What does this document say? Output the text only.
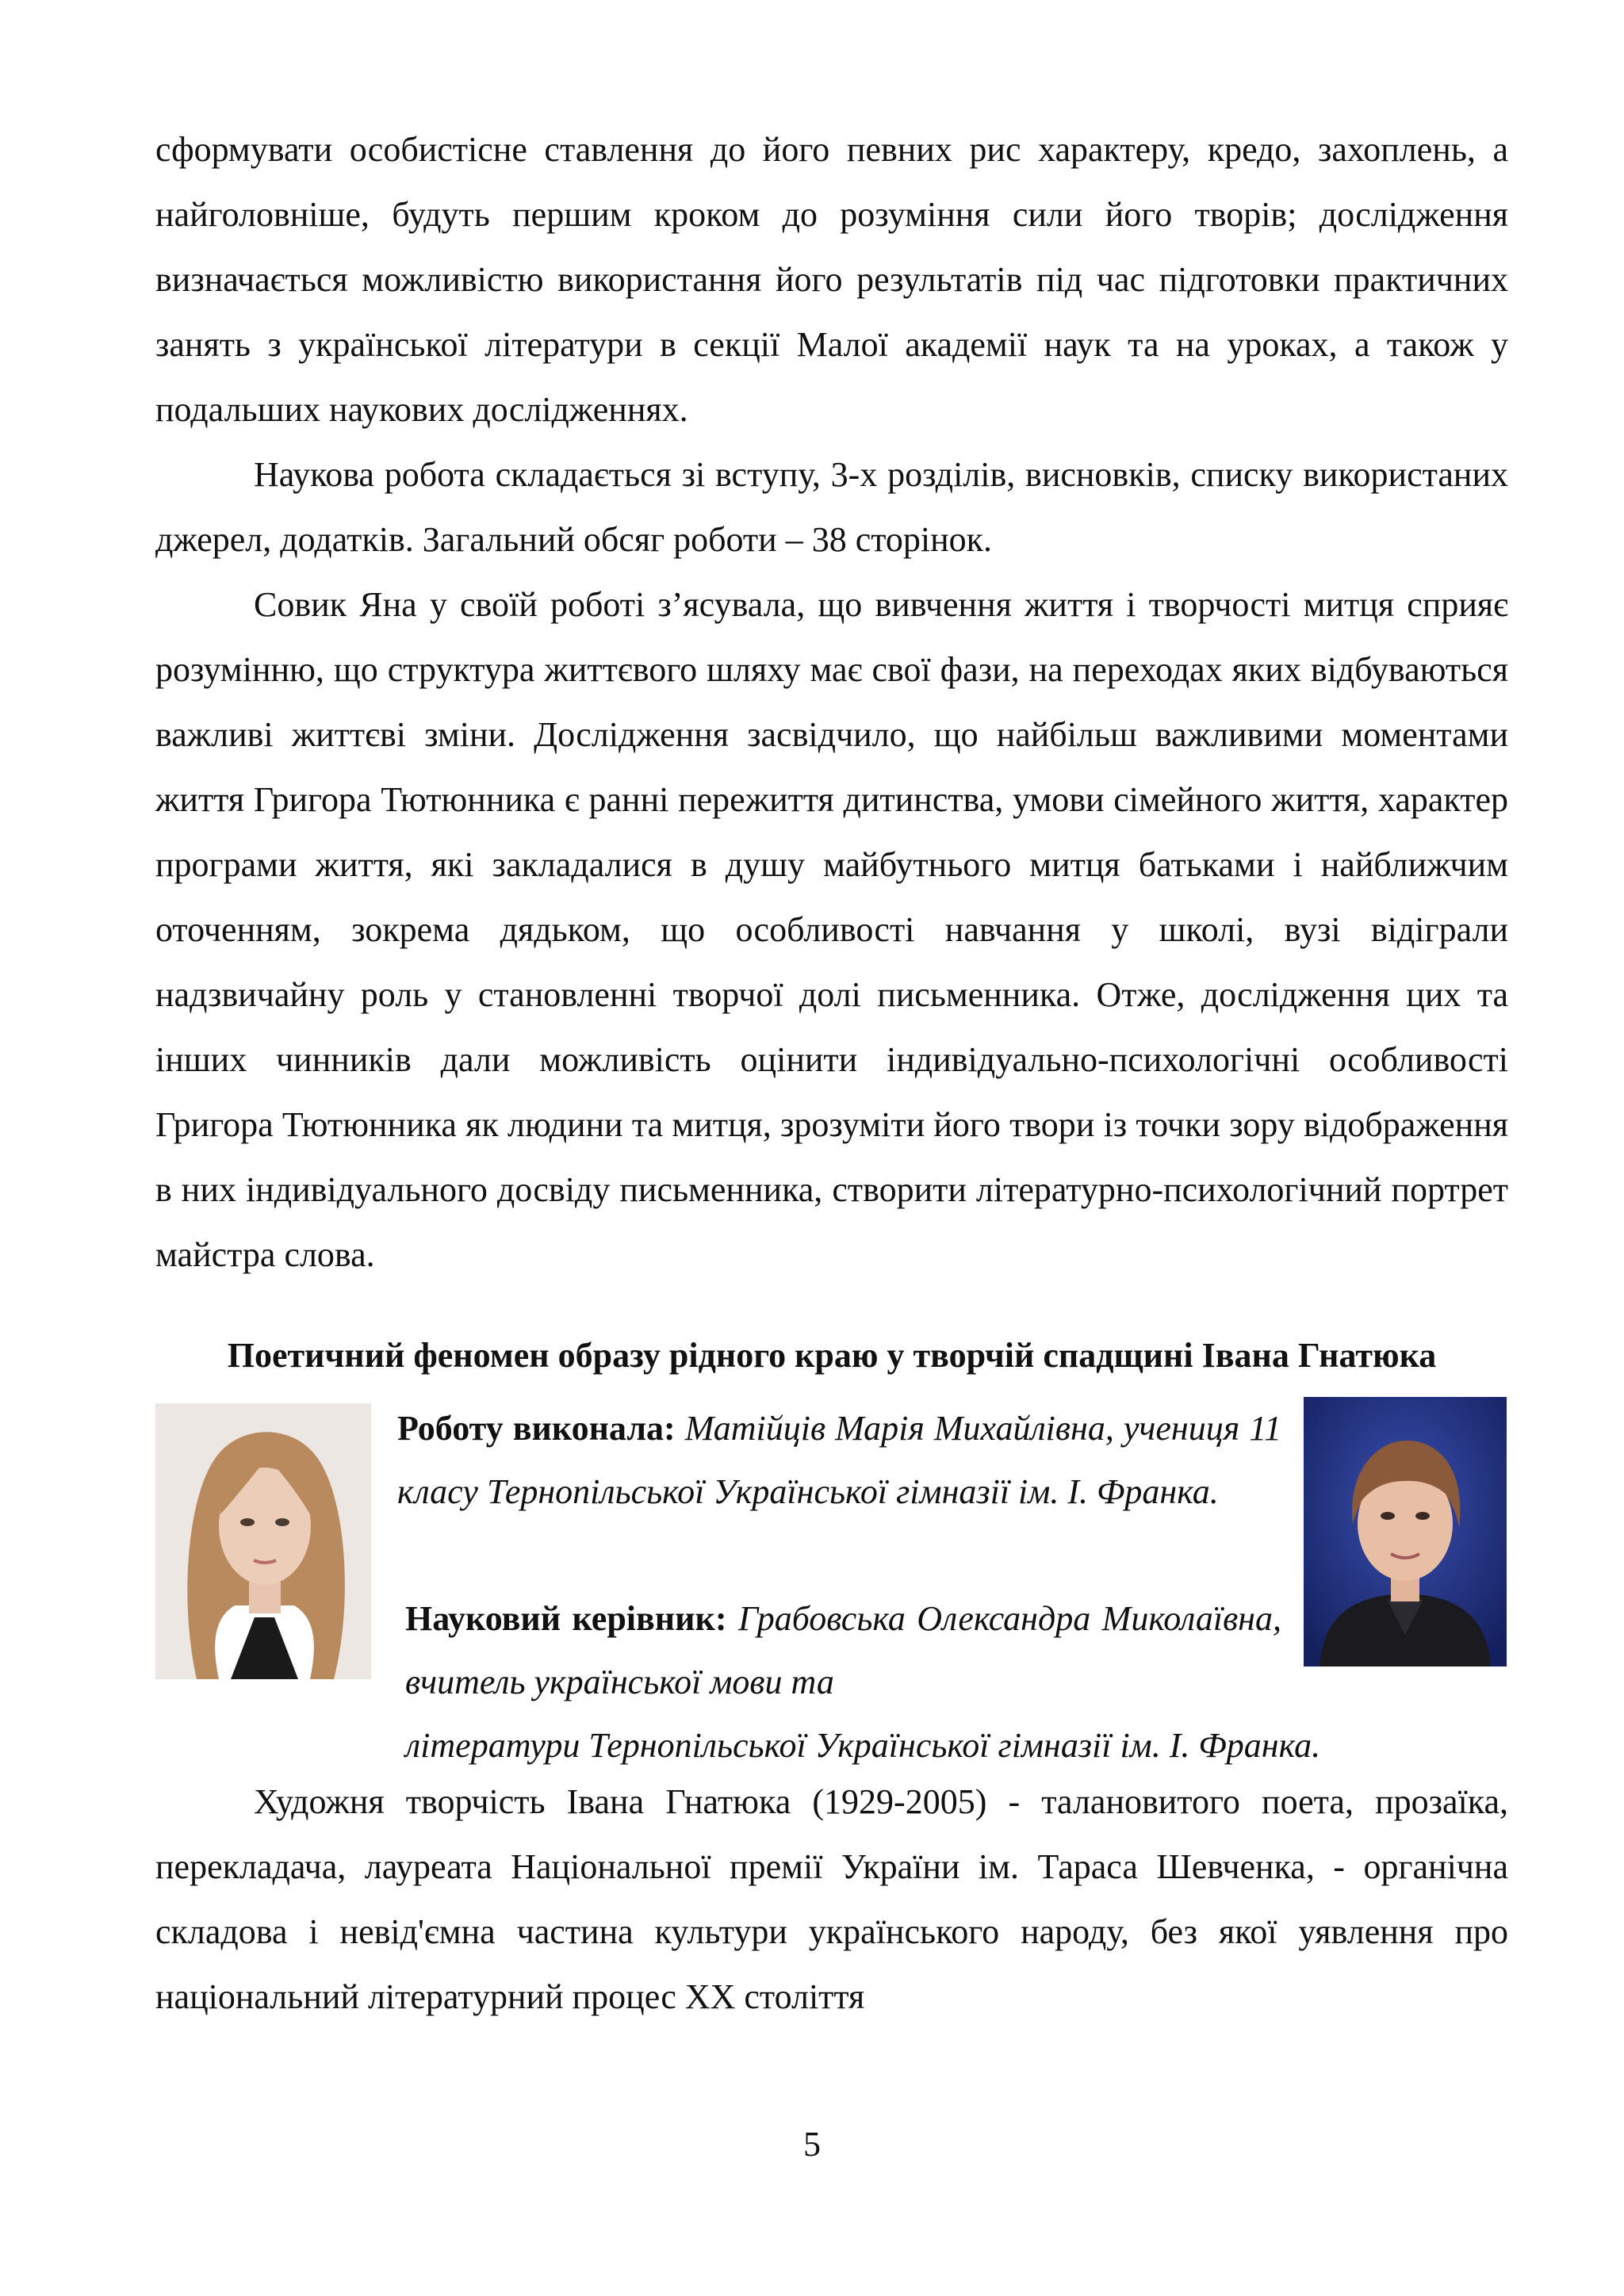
сформувати особистісне ставлення до його певних рис характеру, кредо, захоплень, а найголовніше, будуть першим кроком до розуміння сили його творів; дослідження визначається можливістю використання його результатів під час підготовки практичних занять з української літератури в секції Малої академії наук та на уроках, а також у подальших наукових дослідженнях.

Наукова робота складається зі вступу, 3-х розділів, висновків, списку використаних джерел, додатків. Загальний обсяг роботи – 38 сторінок.

Совик Яна у своїй роботі з’ясувала, що вивчення життя і творчості митця сприяє розумінню, що структура життєвого шляху має свої фази, на переходах яких відбуваються важливі життєві зміни. Дослідження засвідчило, що найбільш важливими моментами життя Григора Тютюнника є ранні пережиття дитинства, умови сімейного життя, характер програми життя, які закладалися в душу майбутнього митця батьками і найближчим оточенням, зокрема дядьком, що особливості навчання у школі, вузі відіграли надзвичайну роль у становленні творчої долі письменника. Отже, дослідження цих та інших чинників дали можливість оцінити індивідуально-психологічні особливості Григора Тютюнника як людини та митця, зрозуміти його твори із точки зору відображення в них індивідуального досвіду письменника, створити літературно-психологічний портрет майстра слова.

Поетичний феномен образу рідного краю у творчій спадщині Івана Гнатюка
Роботу виконала: Матійців Марія Михайлівна, учениця 11 класу Тернопільської Української гімназії ім. І. Франка.
Науковий керівник: Грабовська Олександра Миколаївна, вчитель української мови та
літератури Тернопільської Української гімназії ім. І. Франка.

Художня творчість Івана Гнатюка (1929-2005) - талановитого поета, прозаїка, перекладача, лауреата Національної премії України ім. Тараса Шевченка, - органічна складова і невід'ємна частина культури українського народу, без якої уявлення про національний літературний процес XX століття

5
